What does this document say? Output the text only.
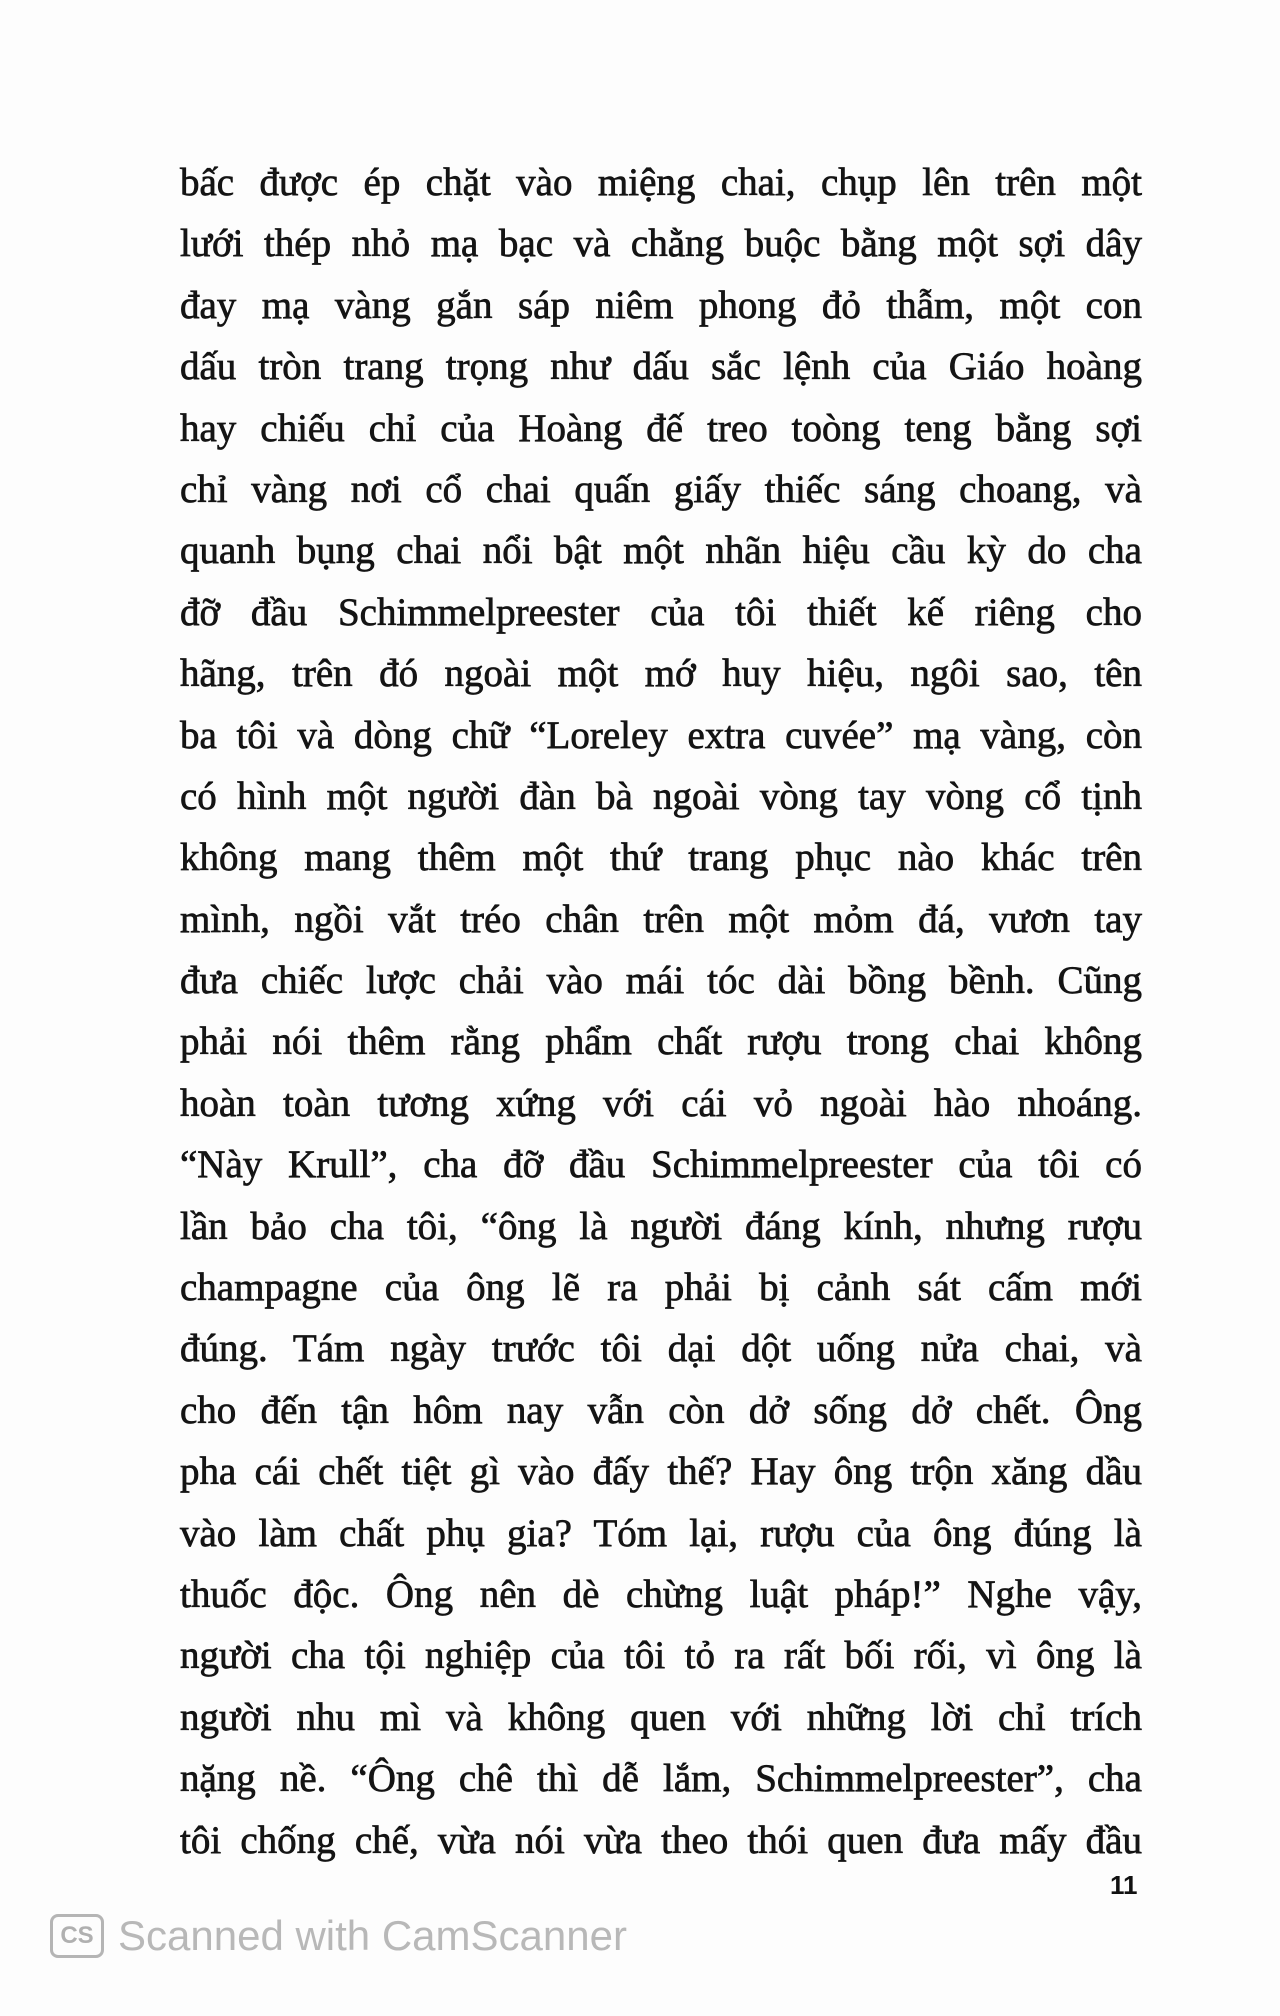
bấc được ép chặt vào miệng chai, chụp lên trên một
lưới thép nhỏ mạ bạc và chằng buộc bằng một sợi dây
đay mạ vàng gắn sáp niêm phong đỏ thẫm, một con
dấu tròn trang trọng như dấu sắc lệnh của Giáo hoàng
hay chiếu chỉ của Hoàng đế treo toòng teng bằng sợi
chỉ vàng nơi cổ chai quấn giấy thiếc sáng choang, và
quanh bụng chai nổi bật một nhãn hiệu cầu kỳ do cha
đỡ đầu Schimmelpreester của tôi thiết kế riêng cho
hãng, trên đó ngoài một mớ huy hiệu, ngôi sao, tên
ba tôi và dòng chữ “Loreley extra cuvée” mạ vàng, còn
có hình một người đàn bà ngoài vòng tay vòng cổ tịnh
không mang thêm một thứ trang phục nào khác trên
mình, ngồi vắt tréo chân trên một mỏm đá, vươn tay
đưa chiếc lược chải vào mái tóc dài bồng bềnh. Cũng
phải nói thêm rằng phẩm chất rượu trong chai không
hoàn toàn tương xứng với cái vỏ ngoài hào nhoáng.
“Này Krull”, cha đỡ đầu Schimmelpreester của tôi có
lần bảo cha tôi, “ông là người đáng kính, nhưng rượu
champagne của ông lẽ ra phải bị cảnh sát cấm mới
đúng. Tám ngày trước tôi dại dột uống nửa chai, và
cho đến tận hôm nay vẫn còn dở sống dở chết. Ông
pha cái chết tiệt gì vào đấy thế? Hay ông trộn xăng dầu
vào làm chất phụ gia? Tóm lại, rượu của ông đúng là
thuốc độc. Ông nên dè chừng luật pháp!” Nghe vậy,
người cha tội nghiệp của tôi tỏ ra rất bối rối, vì ông là
người nhu mì và không quen với những lời chỉ trích
nặng nề. “Ông chê thì dễ lắm, Schimmelpreester”, cha
tôi chống chế, vừa nói vừa theo thói quen đưa mấy đầu
11
CS Scanned with CamScanner
